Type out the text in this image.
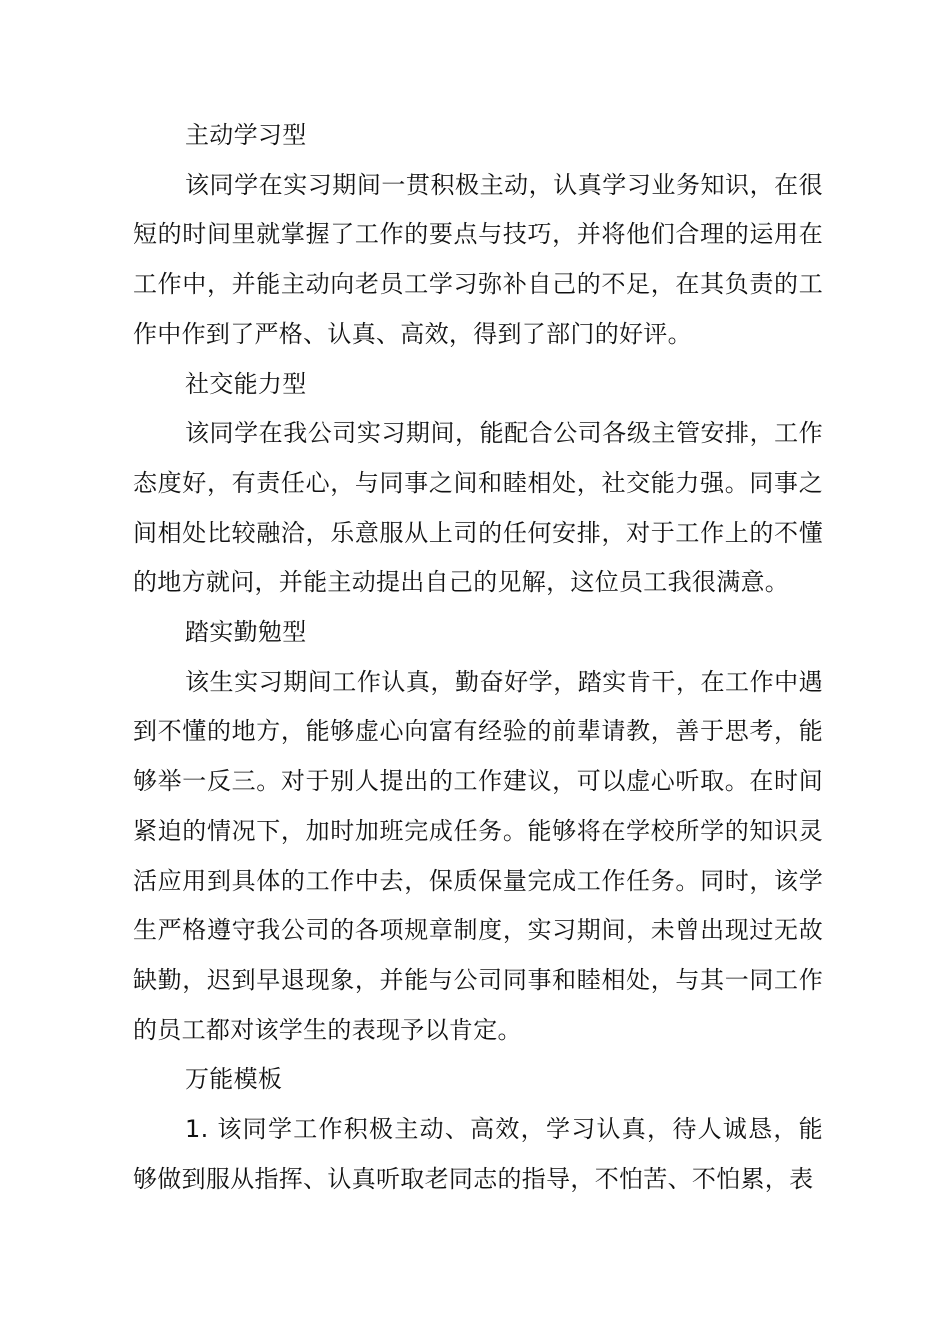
主动学习型

该同学在实习期间一贯积极主动，认真学习业务知识，在很短的时间里就掌握了工作的要点与技巧，并将他们合理的运用在工作中，并能主动向老员工学习弥补自己的不足，在其负责的工作中作到了严格、认真、高效，得到了部门的好评。

社交能力型

该同学在我公司实习期间，能配合公司各级主管安排，工作态度好，有责任心，与同事之间和睦相处，社交能力强。同事之间相处比较融洽，乐意服从上司的任何安排，对于工作上的不懂的地方就问，并能主动提出自己的见解，这位员工我很满意。

踏实勤勉型

该生实习期间工作认真，勤奋好学，踏实肯干，在工作中遇到不懂的地方，能够虚心向富有经验的前辈请教，善于思考，能够举一反三。对于别人提出的工作建议，可以虚心听取。在时间紧迫的情况下，加时加班完成任务。能够将在学校所学的知识灵活应用到具体的工作中去，保质保量完成工作任务。同时，该学生严格遵守我公司的各项规章制度，实习期间，未曾出现过无故缺勤，迟到早退现象，并能与公司同事和睦相处，与其一同工作的员工都对该学生的表现予以肯定。

万能模板

1. 该同学工作积极主动、高效，学习认真，待人诚恳，能够做到服从指挥、认真听取老同志的指导，不怕苦、不怕累，表
